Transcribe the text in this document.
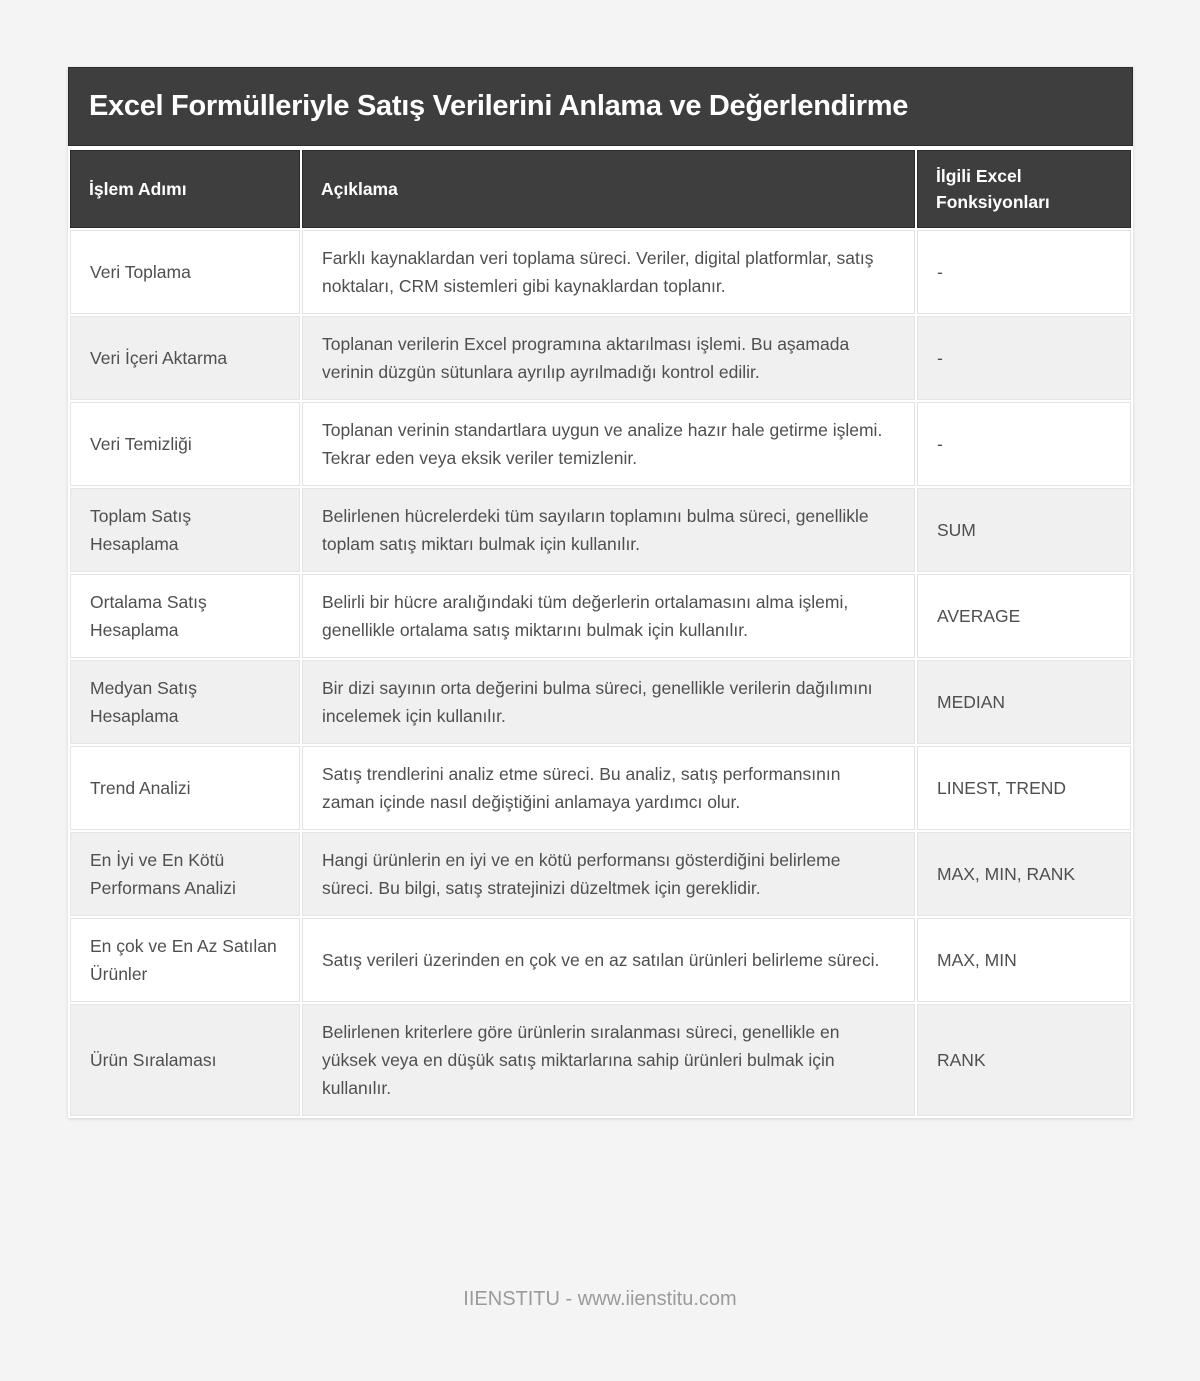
Excel Formülleriyle Satış Verilerini Anlama ve Değerlendirme
İşlem Adımı	Açıklama	İlgili Excel Fonksiyonları
Veri Toplama	Farklı kaynaklardan veri toplama süreci. Veriler, digital platformlar, satış noktaları, CRM sistemleri gibi kaynaklardan toplanır.	-
Veri İçeri Aktarma	Toplanan verilerin Excel programına aktarılması işlemi. Bu aşamada verinin düzgün sütunlara ayrılıp ayrılmadığı kontrol edilir.	-
Veri Temizliği	Toplanan verinin standartlara uygun ve analize hazır hale getirme işlemi. Tekrar eden veya eksik veriler temizlenir.	-
Toplam Satış Hesaplama	Belirlenen hücrelerdeki tüm sayıların toplamını bulma süreci, genellikle toplam satış miktarı bulmak için kullanılır.	SUM
Ortalama Satış Hesaplama	Belirli bir hücre aralığındaki tüm değerlerin ortalamasını alma işlemi, genellikle ortalama satış miktarını bulmak için kullanılır.	AVERAGE
Medyan Satış Hesaplama	Bir dizi sayının orta değerini bulma süreci, genellikle verilerin dağılımını incelemek için kullanılır.	MEDIAN
Trend Analizi	Satış trendlerini analiz etme süreci. Bu analiz, satış performansının zaman içinde nasıl değiştiğini anlamaya yardımcı olur.	LINEST, TREND
En İyi ve En Kötü Performans Analizi	Hangi ürünlerin en iyi ve en kötü performansı gösterdiğini belirleme süreci. Bu bilgi, satış stratejinizi düzeltmek için gereklidir.	MAX, MIN, RANK
En çok ve En Az Satılan Ürünler	Satış verileri üzerinden en çok ve en az satılan ürünleri belirleme süreci.	MAX, MIN
Ürün Sıralaması	Belirlenen kriterlere göre ürünlerin sıralanması süreci, genellikle en yüksek veya en düşük satış miktarlarına sahip ürünleri bulmak için kullanılır.	RANK
IIENSTITU - www.iienstitu.com
